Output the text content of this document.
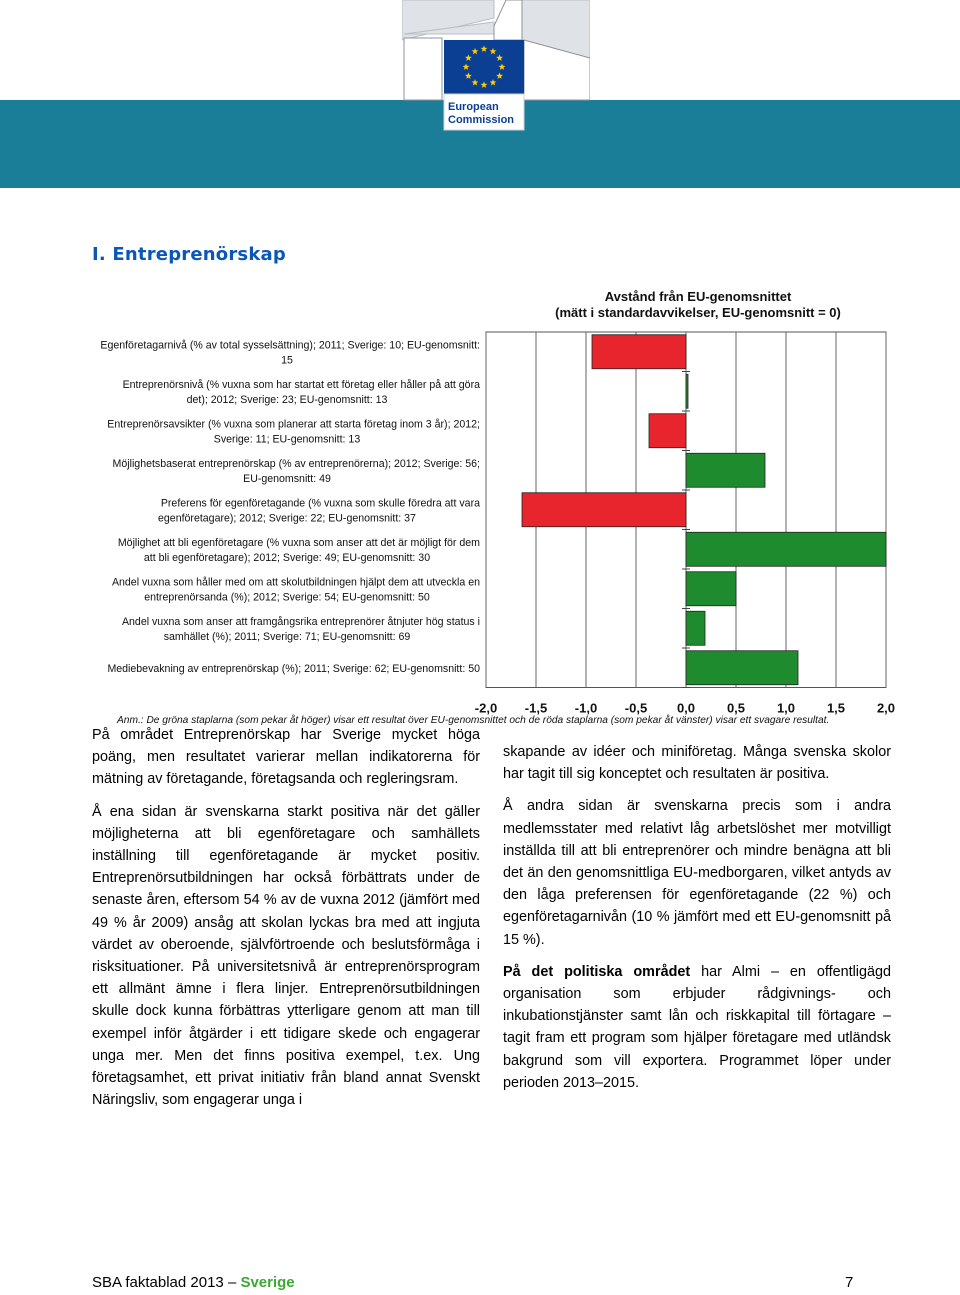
European
Commission
I. Entreprenörskap
Avstånd från EU-genomsnittet
(mätt i standardavvikelser, EU-genomsnitt = 0)
-2,0 -1,5 -1,0 -0,5 0,0 0,5 1,0 1,5 2,0
Egenföretagarnivå (% av total sysselsättning); 2011; Sverige: 10; EU-genomsnitt:
15
Entreprenörsnivå (% vuxna som har startat ett företag eller håller på att göra
det); 2012; Sverige: 23; EU-genomsnitt: 13
Entreprenörsavsikter (% vuxna som planerar att starta företag inom 3 år); 2012;
Sverige: 11; EU-genomsnitt: 13
Möjlighetsbaserat entreprenörskap (% av entreprenörerna); 2012; Sverige: 56;
EU-genomsnitt: 49
Preferens för egenföretagande (% vuxna som skulle föredra att vara
egenföretagare); 2012; Sverige: 22; EU-genomsnitt: 37
Möjlighet att bli egenföretagare (% vuxna som anser att det är möjligt för dem
att bli egenföretagare); 2012; Sverige: 49; EU-genomsnitt: 30
Andel vuxna som håller med om att skolutbildningen hjälpt dem att utveckla en
entreprenörsanda (%); 2012; Sverige: 54; EU-genomsnitt: 50
Andel vuxna som anser att framgångsrika entreprenörer åtnjuter hög status i
samhället (%); 2011; Sverige: 71; EU-genomsnitt: 69
Mediebevakning av entreprenörskap (%); 2011; Sverige: 62; EU-genomsnitt: 50
Anm.: De gröna staplarna (som pekar åt höger) visar ett resultat över EU-genomsnittet och de röda staplarna (som pekar åt vänster) visar ett svagare resultat.

På området Entreprenörskap har Sverige mycket höga poäng, men resultatet varierar mellan indikatorerna för mätning av företagande, företagsanda och regleringsram.

Å ena sidan är svenskarna starkt positiva när det gäller möjligheterna att bli egenföretagare och samhällets inställning till egenföretagande är mycket positiv. Entreprenörsutbildningen har också förbättrats under de senaste åren, eftersom 54 % av de vuxna 2012 (jämfört med 49 % år 2009) ansåg att skolan lyckas bra med att ingjuta värdet av oberoende, självförtroende och beslutsförmåga i risksituationer. På universitetsnivå är entreprenörsprogram ett allmänt ämne i flera linjer. Entreprenörsutbildningen skulle dock kunna förbättras ytterligare genom att man till exempel inför åtgärder i ett tidigare skede och engagerar unga mer. Men det finns positiva exempel, t.ex. Ung företagsamhet, ett privat initiativ från bland annat Svenskt Näringsliv, som engagerar unga i

skapande av idéer och miniföretag. Många svenska skolor har tagit till sig konceptet och resultaten är positiva.

Å andra sidan är svenskarna precis som i andra medlemsstater med relativt låg arbetslöshet mer motvilligt inställda till att bli entreprenörer och mindre benägna att bli det än den genomsnittliga EU-medborgaren, vilket antyds av den låga preferensen för egenföretagande (22 %) och egenföretagarnivån (10 % jämfört med ett EU-genomsnitt på 15 %).

På det politiska området har Almi – en offentligägd organisation som erbjuder rådgivnings- och inkubationstjänster samt lån och riskkapital till förtagare – tagit fram ett program som hjälper företagare med utländsk bakgrund som vill exportera. Programmet löper under perioden 2013–2015.

SBA faktablad 2013 – Sverige	7
